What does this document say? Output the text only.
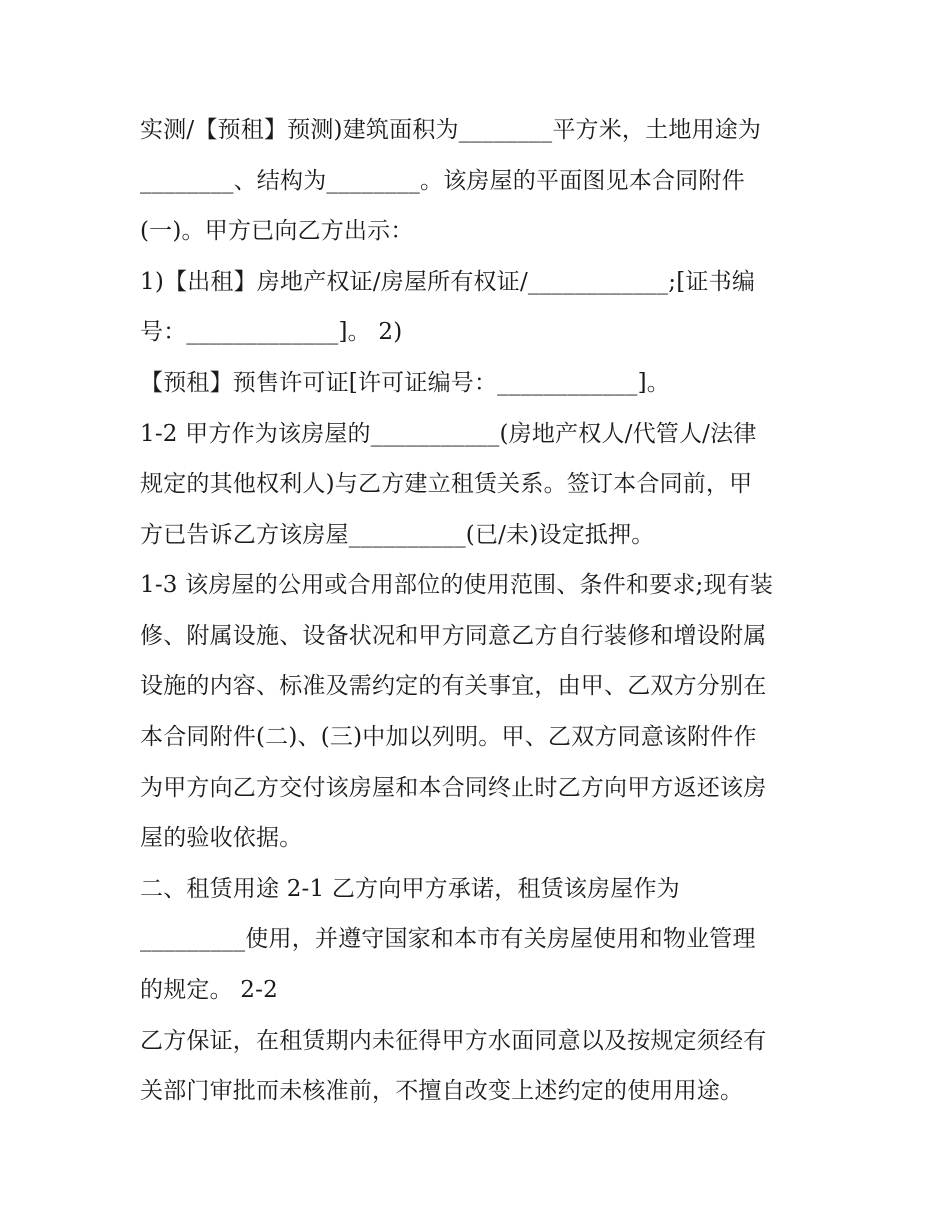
实测/【预租】预测)建筑面积为________平方米，土地用途为
________、结构为________。该房屋的平面图见本合同附件
(一)。甲方已向乙方出示：
1)【出租】房地产权证/房屋所有权证/____________;[证书编
号：_____________]。 2)
【预租】预售许可证[许可证编号：____________]。
1-2 甲方作为该房屋的___________(房地产权人/代管人/法律
规定的其他权利人)与乙方建立租赁关系。签订本合同前，甲
方已告诉乙方该房屋__________(已/未)设定抵押。
1-3 该房屋的公用或合用部位的使用范围、条件和要求;现有装
修、附属设施、设备状况和甲方同意乙方自行装修和增设附属
设施的内容、标准及需约定的有关事宜，由甲、乙双方分别在
本合同附件(二)、(三)中加以列明。甲、乙双方同意该附件作
为甲方向乙方交付该房屋和本合同终止时乙方向甲方返还该房
屋的验收依据。
二、租赁用途 2-1 乙方向甲方承诺，租赁该房屋作为
_________使用，并遵守国家和本市有关房屋使用和物业管理
的规定。 2-2
乙方保证，在租赁期内未征得甲方水面同意以及按规定须经有
关部门审批而未核准前，不擅自改变上述约定的使用用途。
